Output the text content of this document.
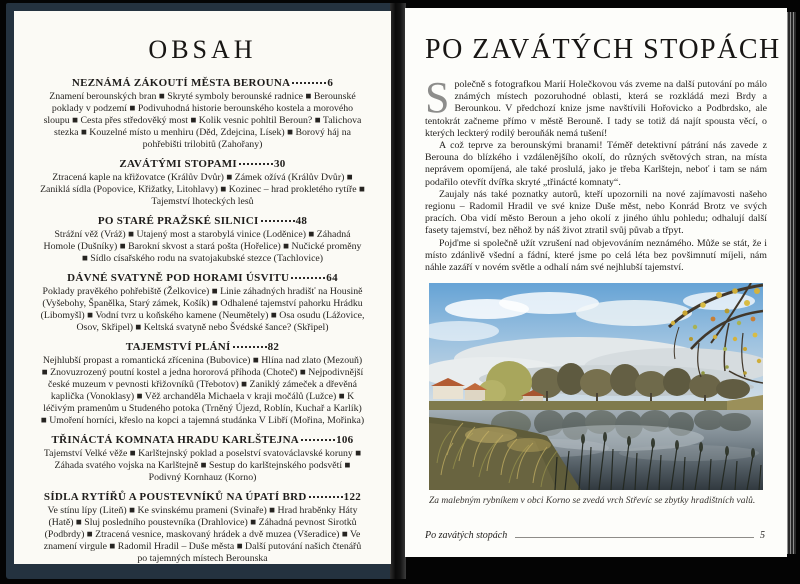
OBSAH
NEZNÁMÁ ZÁKOUTÍ MĚSTA BEROUNA	6
Znamení berounských bran ■ Skryté symboly berounské radnice ■ Berounské poklady v podzemí ■ Podivuhodná historie berounského kostela a morového sloupu ■ Cesta přes středověký most ■ Kolik vesnic pohltil Beroun? ■ Talichova stezka ■ Kouzelné místo u menhiru (Děd, Zdejcina, Lísek) ■ Borový háj na pohřebišti trilobitů (Zahořany)
ZAVÁTÝMI STOPAMI	30
Ztracená kaple na křižovatce (Králův Dvůr) ■ Zámek ožívá (Králův Dvůr) ■ Zaniklá sídla (Popovice, Křižatky, Litohlavy) ■ Kozinec – hrad prokletého rytíře ■ Tajemství lhoteckých lesů
PO STARÉ PRAŽSKÉ SILNICI	48
Strážní věž (Vráž) ■ Utajený most a starobylá vinice (Loděnice) ■ Záhadná Homole (Dušníky) ■ Barokní skvost a stará pošta (Hořelice) ■ Nučické proměny ■ Sídlo císařského rodu na svatojakubské stezce (Tachlovice)
DÁVNÉ SVATYNĚ POD HORAMI ÚSVITU	64
Poklady pravěkého pohřebiště (Želkovice) ■ Linie záhadných hradišť na Housině (Vyšebohy, Španělka, Starý zámek, Košík) ■ Odhalené tajemství pahorku Hrádku (Libomyšl) ■ Vodní tvrz u koňského kamene (Neumětely) ■ Osa osudu (Lážovice, Osov, Skřipel) ■ Keltská svatyně nebo Švédské šance? (Skřipel)
TAJEMSTVÍ PLÁNÍ	82
Nejhlubší propast a romantická zřícenina (Bubovice) ■ Hlína nad zlato (Mezouň) ■ Znovuzrozený poutní kostel a jedna hororová příhoda (Choteč) ■ Nejpodivnější české muzeum v pevnosti křižovníků (Třebotov) ■ Zaniklý zámeček a dřevěná kaplička (Vonoklasy) ■ Věž archanděla Michaela v kraji močálů (Lužce) ■ K léčivým pramenům u Studeného potoka (Trněný Újezd, Roblín, Kuchař a Karlík) ■ Umoření horníci, křeslo na kopci a tajemná studánka V Libří (Mořina, Mořinka)
TŘINÁCTÁ KOMNATA HRADU KARLŠTEJNA	106
Tajemství Velké věže ■ Karlštejnský poklad a poselství svatováclavské koruny ■ Záhada svatého vojska na Karlštejně ■ Sestup do karlštejnského podsvětí ■ Podivný Kornhauz (Korno)
SÍDLA RYTÍŘŮ A POUSTEVNÍKŮ NA ÚPATÍ BRD	122
Ve stínu lípy (Liteň) ■ Ke svinskému prameni (Svinaře) ■ Hrad hraběnky Háty (Hatě) ■ Sluj posledního poustevníka (Drahlovice) ■ Záhadná pevnost Sirotků (Podbrdy) ■ Ztracená vesnice, maskovaný hrádek a dvě muzea (Všeradice) ■ Ve znamení virgule ■ Radomil Hradil – Duše města ■ Další putování našich čtenářů po tajemných místech Berounska
PO ZAVÁTÝCH STOPÁCH

Společně s fotografkou Marií Holečkovou vás zveme na další putování po málo známých místech pozoruhodné oblasti, která se rozkládá mezi Brdy a Berounkou. V předchozí knize jsme navštívili Hořovicko a Podbrdsko, ale tentokrát začneme přímo v městě Berouně. I tady se totiž dá najít spousta věcí, o kterých leckterý rodilý berouňák nemá tušení!

A což teprve za berounskými branami! Téměř detektivní pátrání nás zavede z Berouna do blízkého i vzdálenějšího okolí, do různých světových stran, na místa neprávem opomíjená, ale také proslulá, jako je třeba Karlštejn, neboť i tam se nám podařilo otevřít dvířka skryté „třinácté komnaty“.

Zaujaly nás také poznatky autorů, kteří upozornili na nové zajímavosti našeho regionu – Radomil Hradil ve své knize Duše měst, nebo Konrád Brotz ve svých pracích. Oba vidí město Beroun a jeho okolí z jiného úhlu pohledu; odhalují další fasety tajemství, bez něhož by náš život ztratil svůj půvab a třpyt.

Pojďme si společně užít vzrušení nad objevováním neznámého. Může se stát, že i místo zdánlivě všední a fádní, které jsme po celá léta bez povšimnutí míjeli, nám náhle zazáří v novém světle a odhalí nám své nejhlubší tajemství.

Za malebným rybníkem v obci Korno se zvedá vrch Střevíc se zbytky hradištních valů.
Po zavátých stopách	5
